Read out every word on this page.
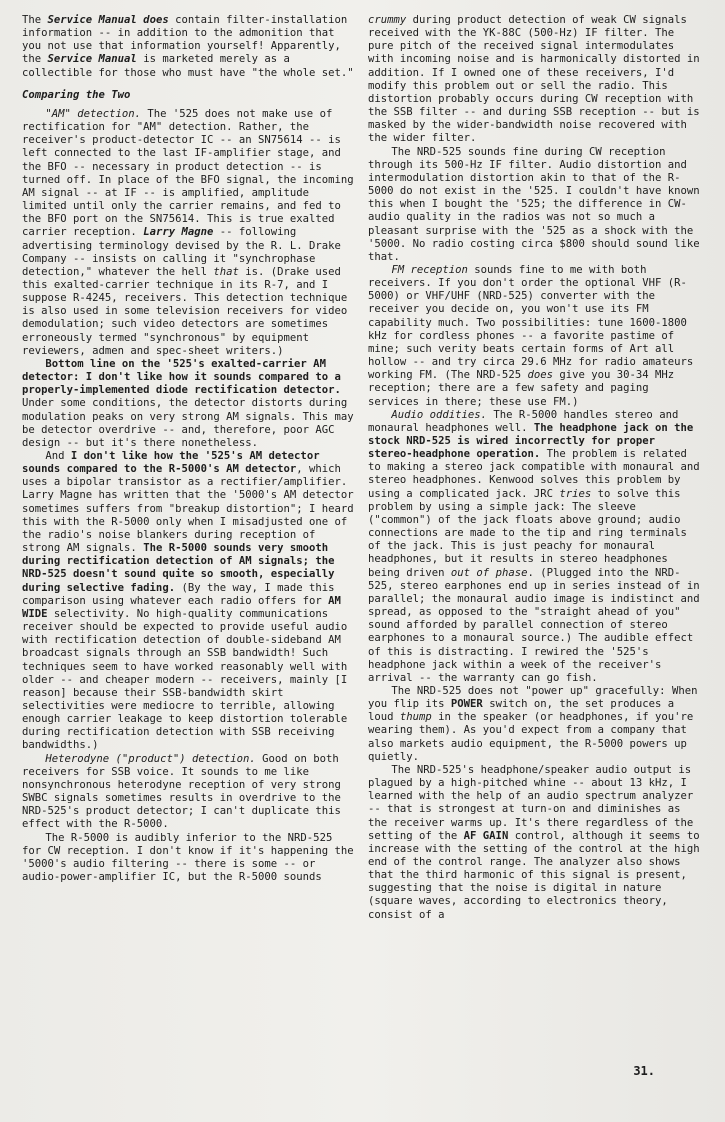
The Service Manual does contain filter-installation information -- in addition to the admonition that you not use that information yourself! Apparently, the Service Manual is marketed merely as a collectible for those who must have "the whole set."

Comparing the Two

"AM" detection. The '525 does not make use of rectification for "AM" detection. Rather, the receiver's product-detector IC -- an SN75614 -- is left connected to the last IF-amplifier stage, and the BFO -- necessary in product detection -- is turned off. In place of the BFO signal, the incoming AM signal -- at IF -- is amplified, amplitude limited until only the carrier remains, and fed to the BFO port on the SN75614. This is true exalted carrier reception. Larry Magne -- following advertising terminology devised by the R. L. Drake Company -- insists on calling it "synchrophase detection," whatever the hell that is. (Drake used this exalted-carrier technique in its R-7, and I suppose R-4245, receivers. This detection technique is also used in some television receivers for video demodulation; such video detectors are sometimes erroneously termed "synchronous" by equipment reviewers, admen and spec-sheet writers.)

Bottom line on the '525's exalted-carrier AM detector: I don't like how it sounds compared to a properly-implemented diode rectification detector. Under some conditions, the detector distorts during modulation peaks on very strong AM signals. This may be detector overdrive -- and, therefore, poor AGC design -- but it's there nonetheless.

And I don't like how the '525's AM detector sounds compared to the R-5000's AM detector, which uses a bipolar transistor as a rectifier/amplifier. Larry Magne has written that the '5000's AM detector sometimes suffers from "breakup distortion"; I heard this with the R-5000 only when I misadjusted one of the radio's noise blankers during reception of strong AM signals. The R-5000 sounds very smooth during rectification detection of AM signals; the NRD-525 doesn't sound quite so smooth, especially during selective fading. (By the way, I made this comparison using whatever each radio offers for AM WIDE selectivity. No high-quality communications receiver should be expected to provide useful audio with rectification detection of double-sideband AM broadcast signals through an SSB bandwidth! Such techniques seem to have worked reasonably well with older -- and cheaper modern -- receivers, mainly [I reason] because their SSB-bandwidth skirt selectivities were mediocre to terrible, allowing enough carrier leakage to keep distortion tolerable during rectification detection with SSB receiving bandwidths.)

Heterodyne ("product") detection. Good on both receivers for SSB voice. It sounds to me like nonsynchronous heterodyne reception of very strong SWBC signals sometimes results in overdrive to the NRD-525's product detector; I can't duplicate this effect with the R-5000.

The R-5000 is audibly inferior to the NRD-525 for CW reception. I don't know if it's happening the '5000's audio filtering -- there is some -- or audio-power-amplifier IC, but the R-5000 sounds

crummy during product detection of weak CW signals received with the YK-88C (500-Hz) IF filter. The pure pitch of the received signal intermodulates with incoming noise and is harmonically distorted in addition. If I owned one of these receivers, I'd modify this problem out or sell the radio. This distortion probably occurs during CW reception with the SSB filter -- and during SSB reception -- but is masked by the wider-bandwidth noise recovered with the wider filter.

The NRD-525 sounds fine during CW reception through its 500-Hz IF filter. Audio distortion and intermodulation distortion akin to that of the R-5000 do not exist in the '525. I couldn't have known this when I bought the '525; the difference in CW-audio quality in the radios was not so much a pleasant surprise with the '525 as a shock with the '5000. No radio costing circa $800 should sound like that.

FM reception sounds fine to me with both receivers. If you don't order the optional VHF (R-5000) or VHF/UHF (NRD-525) converter with the receiver you decide on, you won't use its FM capability much. Two possibilities: tune 1600-1800 kHz for cordless phones -- a favorite pastime of mine; such verity beats certain forms of Art all hollow -- and try circa 29.6 MHz for radio amateurs working FM. (The NRD-525 does give you 30-34 MHz reception; there are a few safety and paging services in there; these use FM.)

Audio oddities. The R-5000 handles stereo and monaural headphones well. The headphone jack on the stock NRD-525 is wired incorrectly for proper stereo-headphone operation. The problem is related to making a stereo jack compatible with monaural and stereo headphones. Kenwood solves this problem by using a complicated jack. JRC tries to solve this problem by using a simple jack: The sleeve ("common") of the jack floats above ground; audio connections are made to the tip and ring terminals of the jack. This is just peachy for monaural headphones, but it results in stereo headphones being driven out of phase. (Plugged into the NRD-525, stereo earphones end up in series instead of in parallel; the monaural audio image is indistinct and spread, as opposed to the "straight ahead of you" sound afforded by parallel connection of stereo earphones to a monaural source.) The audible effect of this is distracting. I rewired the '525's headphone jack within a week of the receiver's arrival -- the warranty can go fish.

The NRD-525 does not "power up" gracefully: When you flip its POWER switch on, the set produces a loud thump in the speaker (or headphones, if you're wearing them). As you'd expect from a company that also markets audio equipment, the R-5000 powers up quietly.

The NRD-525's headphone/speaker audio output is plagued by a high-pitched whine -- about 13 kHz, I learned with the help of an audio spectrum analyzer -- that is strongest at turn-on and diminishes as the receiver warms up. It's there regardless of the setting of the AF GAIN control, although it seems to increase with the setting of the control at the high end of the control range. The analyzer also shows that the third harmonic of this signal is present, suggesting that the noise is digital in nature (square waves, according to electronics theory, consist of a

31.
